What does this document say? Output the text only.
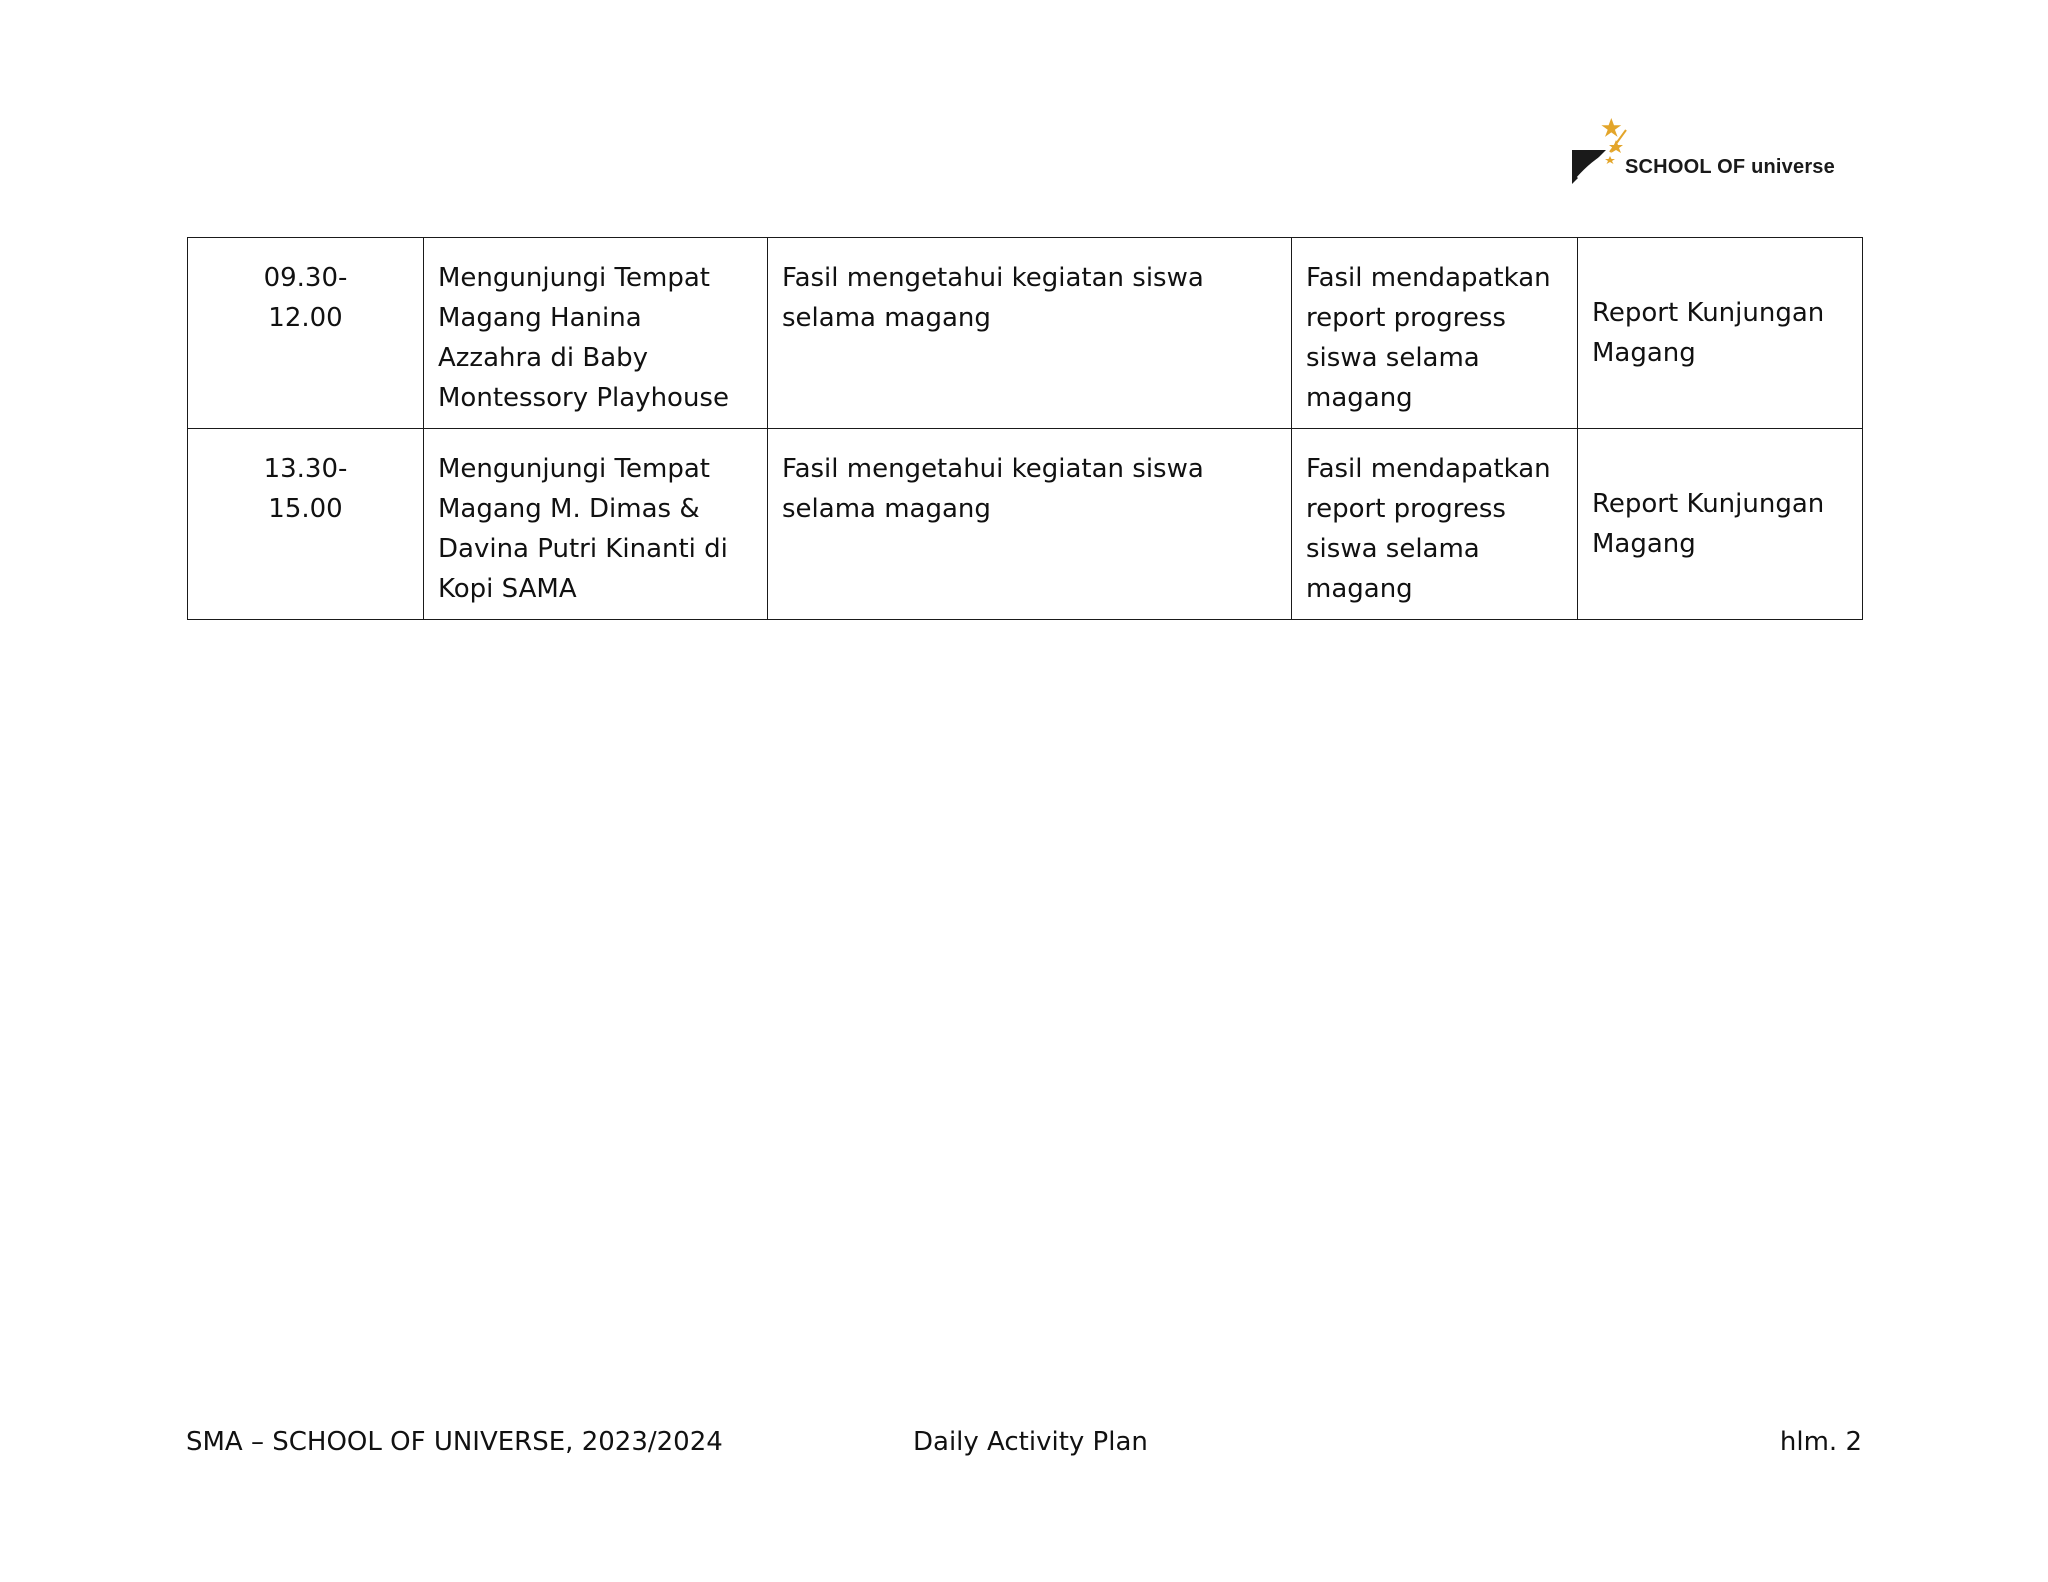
SCHOOL OF universe
09.30-
12.00	Mengunjungi Tempat Magang Hanina Azzahra di Baby Montessory Playhouse	Fasil mengetahui kegiatan siswa selama magang	Fasil mendapatkan report progress siswa selama magang	Report Kunjungan Magang

13.30-
15.00	Mengunjungi Tempat Magang M. Dimas & Davina Putri Kinanti di Kopi SAMA	Fasil mengetahui kegiatan siswa selama magang	Fasil mendapatkan report progress siswa selama magang	Report Kunjungan Magang
SMA – SCHOOL OF UNIVERSE, 2023/2024	Daily Activity Plan	hlm. 2
